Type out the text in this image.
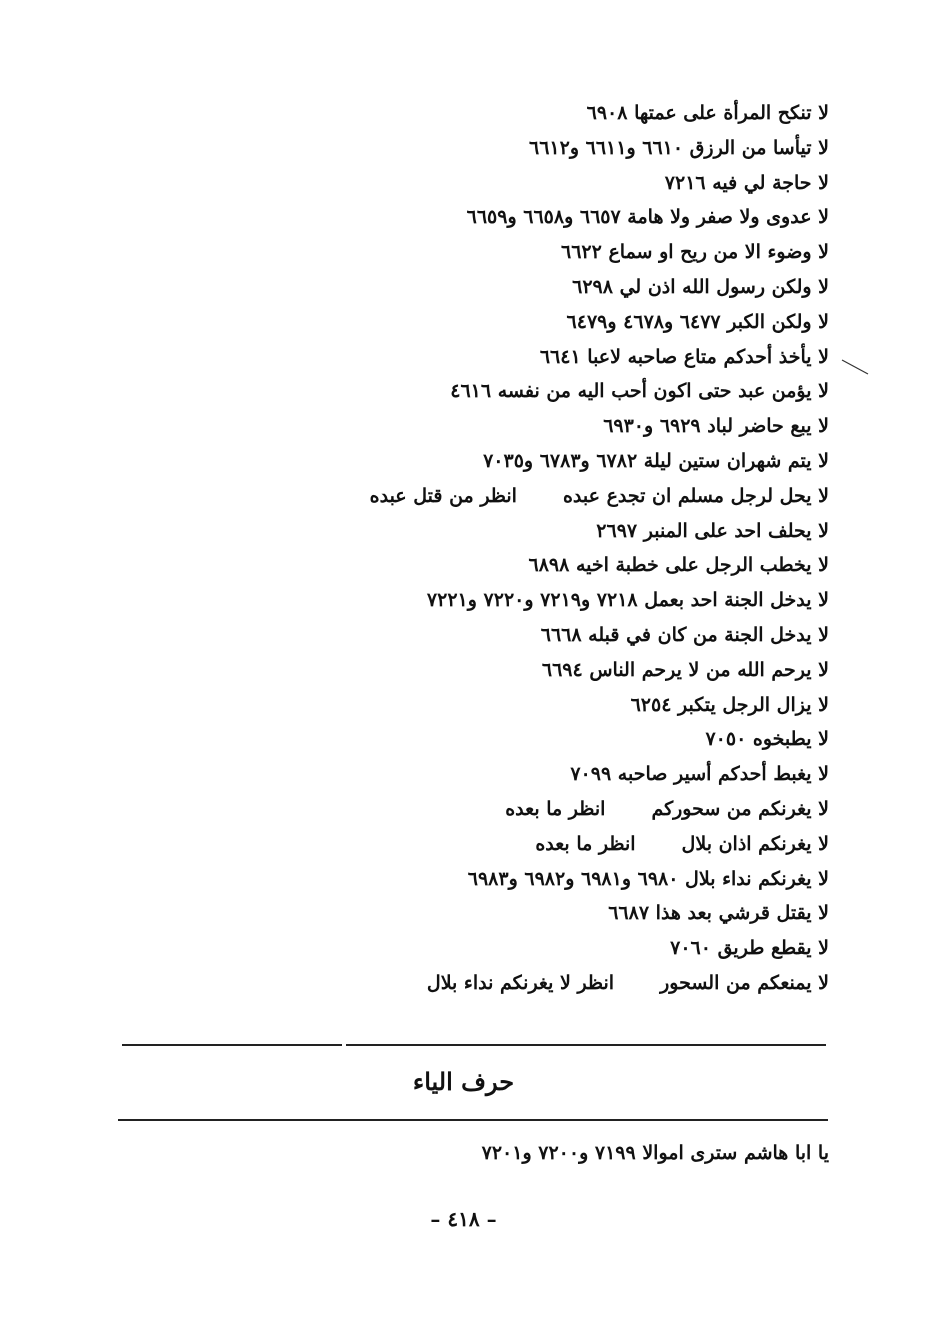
لا تنكح المرأة على عمتها ٦٩٠٨
لا تيأسا من الرزق ٦٦١٠ و٦٦١١ و٦٦١٢
لا حاجة لي فيه ٧٢١٦
لا عدوى ولا صفر ولا هامة ٦٦٥٧ و٦٦٥٨ و٦٦٥٩
لا وضوء الا من ريح او سماع ٦٦٢٢
لا ولكن رسول الله اذن لي ٦٢٩٨
لا ولكن الكبر ٦٤٧٧ و٤٦٧٨ و٦٤٧٩
لا يأخذ أحدكم متاع صاحبه لاعبا ٦٦٤١
لا يؤمن عبد حتى اكون أحب اليه من نفسه ٤٦١٦
لا يبع حاضر لباد ٦٩٢٩ و٦٩٣٠
لا يتم شهران ستين ليلة ٦٧٨٢ و٦٧٨٣ و٧٠٣٥
لا يحل لرجل مسلم ان تجدع عبدهانظر من قتل عبده
لا يحلف احد على المنبر ٢٦٩٧
لا يخطب الرجل على خطبة اخيه ٦٨٩٨
لا يدخل الجنة احد بعمل ٧٢١٨ و٧٢١٩ و٧٢٢٠ و٧٢٢١
لا يدخل الجنة من كان في قبله ٦٦٦٨
لا يرحم الله من لا يرحم الناس ٦٦٩٤
لا يزال الرجل يتكبر ٦٢٥٤
لا يطبخوه ٧٠٥٠
لا يغبط أحدكم أسير صاحبه ٧٠٩٩
لا يغرنكم من سحوركمانظر ما بعده
لا يغرنكم اذان بلالانظر ما بعده
لا يغرنكم نداء بلال ٦٩٨٠ و٦٩٨١ و٦٩٨٢ و٦٩٨٣
لا يقتل قرشي بعد هذا ٦٦٨٧
لا يقطع طريق ٧٠٦٠
لا يمنعكم من السحورانظر لا يغرنكم نداء بلال
حرف الياء
يا ابا هاشم سترى اموالا ٧١٩٩ و٧٢٠٠ و٧٢٠١
– ٤١٨ –
